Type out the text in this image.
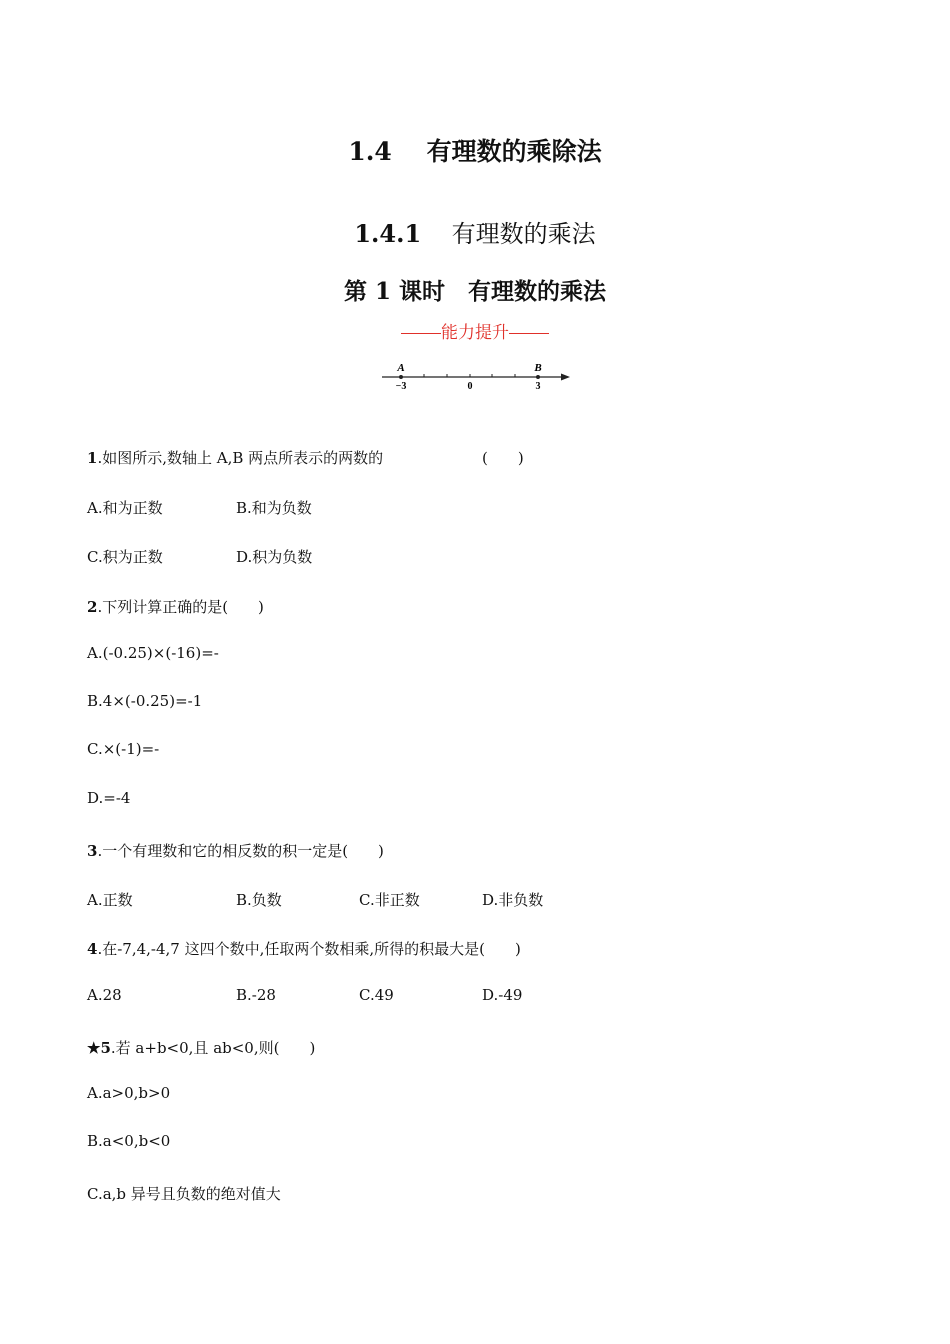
1.4 有理数的乘除法
1.4.1 有理数的乘法
第 1 课时　有理数的乘法
能力提升
A	B
−3	0	3
1.如图所示,数轴上 A,B 两点所表示的两数的	(　　)
A.和为正数	B.和为负数
C.积为正数	D.积为负数
2.下列计算正确的是(　　)
A.(-0.25)×(-16)=-
B.4×(-0.25)=-1
C.×(-1)=-
D.=-4
3.一个有理数和它的相反数的积一定是(　　)
A.正数	B.负数	C.非正数	D.非负数
4.在-7,4,-4,7 这四个数中,任取两个数相乘,所得的积最大是(　　)
A.28	B.-28	C.49	D.-49
★5.若 a+b<0,且 ab<0,则(　　)
A.a>0,b>0
B.a<0,b<0
C.a,b 异号且负数的绝对值大
